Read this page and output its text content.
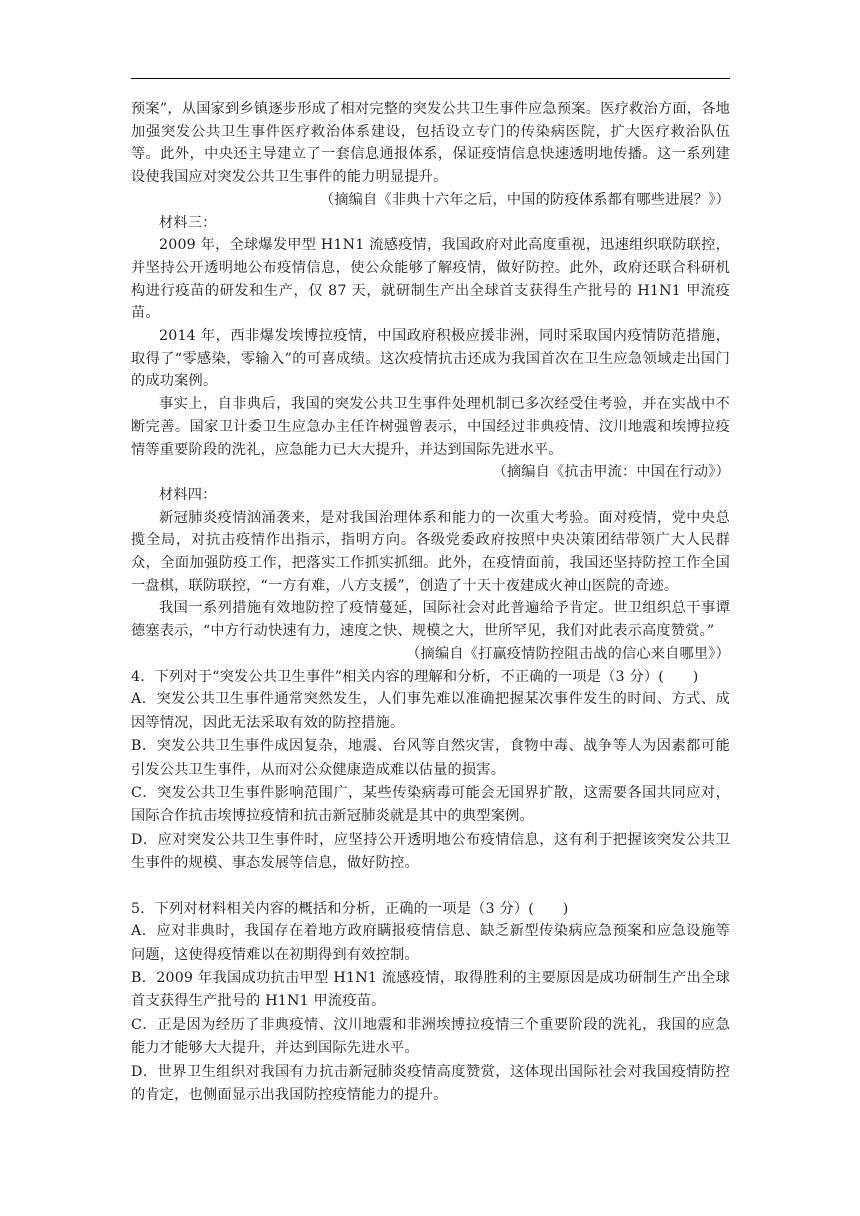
预案”，从国家到乡镇逐步形成了相对完整的突发公共卫生事件应急预案。医疗救治方面，各地加强突发公共卫生事件医疗救治体系建设，包括设立专门的传染病医院，扩大医疗救治队伍等。此外，中央还主导建立了一套信息通报体系，保证疫情信息快速透明地传播。这一系列建设使我国应对突发公共卫生事件的能力明显提升。

（摘编自《非典十六年之后，中国的防疫体系都有哪些进展？》）

材料三：

2009 年，全球爆发甲型 H1N1 流感疫情，我国政府对此高度重视，迅速组织联防联控，并坚持公开透明地公布疫情信息，使公众能够了解疫情，做好防控。此外，政府还联合科研机构进行疫苗的研发和生产，仅 87 天，就研制生产出全球首支获得生产批号的 H1N1 甲流疫苗。

2014 年，西非爆发埃博拉疫情，中国政府积极应援非洲，同时采取国内疫情防范措施，取得了“零感染，零输入”的可喜成绩。这次疫情抗击还成为我国首次在卫生应急领域走出国门的成功案例。

事实上，自非典后，我国的突发公共卫生事件处理机制已多次经受住考验，并在实战中不断完善。国家卫计委卫生应急办主任许树强曾表示，中国经过非典疫情、汶川地震和埃博拉疫情等重要阶段的洗礼，应急能力已大大提升，并达到国际先进水平。

（摘编自《抗击甲流：中国在行动》）

材料四：

新冠肺炎疫情汹涌袭来，是对我国治理体系和能力的一次重大考验。面对疫情，党中央总揽全局，对抗击疫情作出指示，指明方向。各级党委政府按照中央决策团结带领广大人民群众，全面加强防疫工作，把落实工作抓实抓细。此外，在疫情面前，我国还坚持防控工作全国一盘棋，联防联控，“一方有难，八方支援”，创造了十天十夜建成火神山医院的奇迹。

我国一系列措施有效地防控了疫情蔓延，国际社会对此普遍给予肯定。世卫组织总干事谭德塞表示，“中方行动快速有力，速度之快、规模之大，世所罕见，我们对此表示高度赞赏。”

（摘编自《打赢疫情防控阻击战的信心来自哪里》）

4．下列对于“突发公共卫生事件”相关内容的理解和分析，不正确的一项是（3 分）(　　)

A．突发公共卫生事件通常突然发生，人们事先难以准确把握某次事件发生的时间、方式、成因等情况，因此无法采取有效的防控措施。

B．突发公共卫生事件成因复杂，地震、台风等自然灾害，食物中毒、战争等人为因素都可能引发公共卫生事件，从而对公众健康造成难以估量的损害。

C．突发公共卫生事件影响范围广，某些传染病毒可能会无国界扩散，这需要各国共同应对，国际合作抗击埃博拉疫情和抗击新冠肺炎就是其中的典型案例。

D．应对突发公共卫生事件时，应坚持公开透明地公布疫情信息，这有利于把握该突发公共卫生事件的规模、事态发展等信息，做好防控。

5．下列对材料相关内容的概括和分析，正确的一项是（3 分）(　　)

A．应对非典时，我国存在着地方政府瞒报疫情信息、缺乏新型传染病应急预案和应急设施等问题，这使得疫情难以在初期得到有效控制。

B．2009 年我国成功抗击甲型 H1N1 流感疫情，取得胜利的主要原因是成功研制生产出全球首支获得生产批号的 H1N1 甲流疫苗。

C．正是因为经历了非典疫情、汶川地震和非洲埃博拉疫情三个重要阶段的洗礼，我国的应急能力才能够大大提升，并达到国际先进水平。

D．世界卫生组织对我国有力抗击新冠肺炎疫情高度赞赏，这体现出国际社会对我国疫情防控的肯定，也侧面显示出我国防控疫情能力的提升。
